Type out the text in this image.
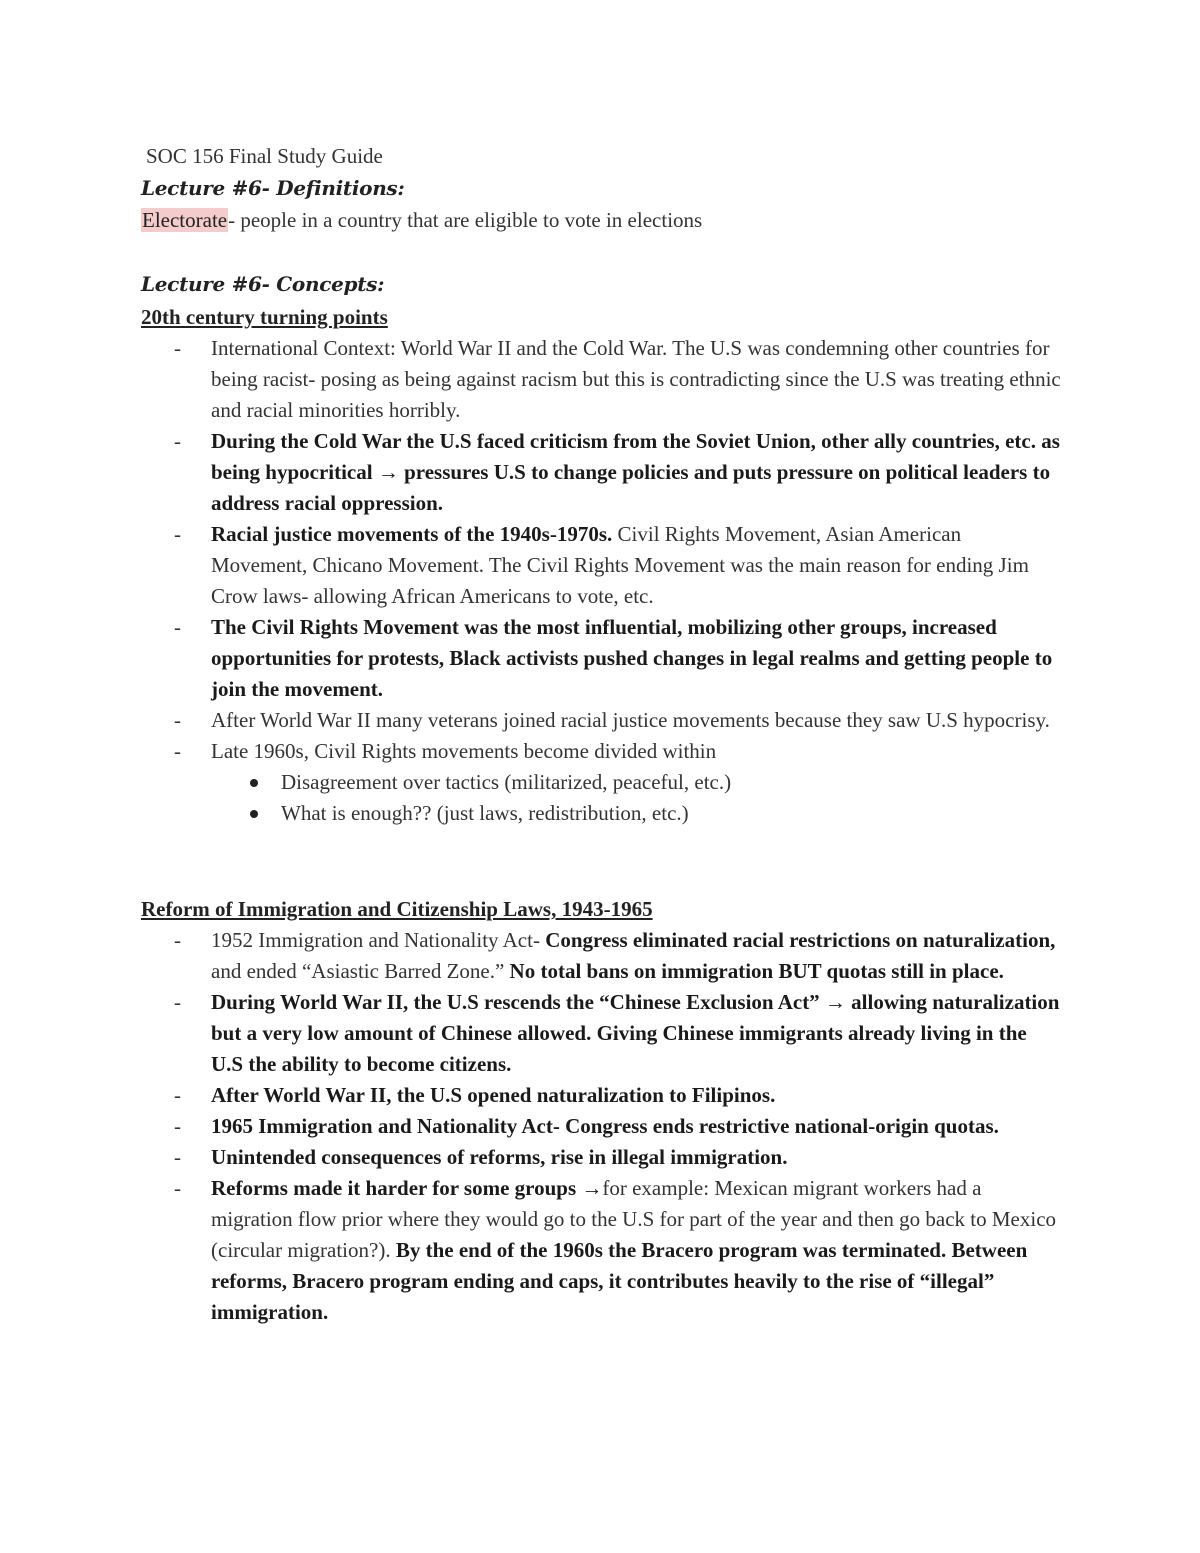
SOC 156 Final Study Guide
Lecture #6- Definitions:
Electorate- people in a country that are eligible to vote in elections
Lecture #6- Concepts:
20th century turning points
- International Context: World War II and the Cold War. The U.S was condemning other countries for being racist- posing as being against racism but this is contradicting since the U.S was treating ethnic and racial minorities horribly.
- During the Cold War the U.S faced criticism from the Soviet Union, other ally countries, etc. as being hypocritical → pressures U.S to change policies and puts pressure on political leaders to address racial oppression.
- Racial justice movements of the 1940s-1970s. Civil Rights Movement, Asian American Movement, Chicano Movement. The Civil Rights Movement was the main reason for ending Jim Crow laws- allowing African Americans to vote, etc.
- The Civil Rights Movement was the most influential, mobilizing other groups, increased opportunities for protests, Black activists pushed changes in legal realms and getting people to join the movement.
- After World War II many veterans joined racial justice movements because they saw U.S hypocrisy.
- Late 1960s, Civil Rights movements become divided within
Disagreement over tactics (militarized, peaceful, etc.)
What is enough?? (just laws, redistribution, etc.)
Reform of Immigration and Citizenship Laws, 1943-1965
- 1952 Immigration and Nationality Act- Congress eliminated racial restrictions on naturalization, and ended “Asiastic Barred Zone.” No total bans on immigration BUT quotas still in place.
- During World War II, the U.S rescends the “Chinese Exclusion Act” → allowing naturalization but a very low amount of Chinese allowed. Giving Chinese immigrants already living in the U.S the ability to become citizens.
- After World War II, the U.S opened naturalization to Filipinos.
- 1965 Immigration and Nationality Act- Congress ends restrictive national-origin quotas.
- Unintended consequences of reforms, rise in illegal immigration.
- Reforms made it harder for some groups →for example: Mexican migrant workers had a migration flow prior where they would go to the U.S for part of the year and then go back to Mexico (circular migration?). By the end of the 1960s the Bracero program was terminated. Between reforms, Bracero program ending and caps, it contributes heavily to the rise of “illegal” immigration.
